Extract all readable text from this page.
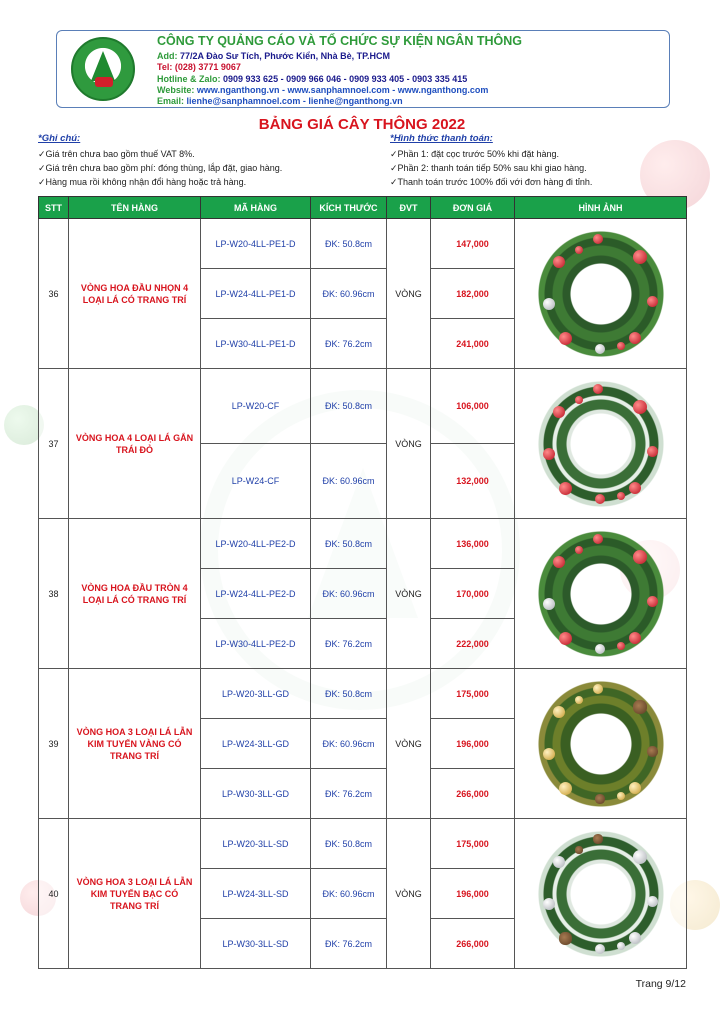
CÔNG TY QUẢNG CÁO VÀ TỔ CHỨC SỰ KIỆN NGÂN THÔNG
Add: 77/2A Đào Sư Tích, Phước Kiển, Nhà Bè, TP.HCM
Tel: (028) 3771 9067
Hotline & Zalo: 0909 933 625 - 0909 966 046 - 0909 933 405 - 0903 335 415
Website: www.nganthong.vn - www.sanphamnoel.com - www.nganthong.com
Email: lienhe@sanphamnoel.com - lienhe@nganthong.vn
BẢNG GIÁ CÂY THÔNG 2022
*Ghi chú:
✓Giá trên chưa bao gồm thuế VAT 8%.
✓Giá trên chưa bao gồm phí: đóng thùng, lắp đặt, giao hàng.
✓Hàng mua rồi không nhận đổi hàng hoặc trả hàng.
*Hình thức thanh toán:
✓Phần 1: đặt cọc trước 50% khi đặt hàng.
✓Phần 2: thanh toán tiếp 50% sau khi giao hàng.
✓Thanh toán trước 100% đối với đơn hàng đi tỉnh.
STT	TÊN HÀNG	MÃ HÀNG	KÍCH THƯỚC	ĐVT	ĐƠN GIÁ	HÌNH ẢNH
36	VÒNG HOA ĐẦU NHỌN 4 LOẠI LÁ CÓ TRANG TRÍ	LP-W20-4LL-PE1-D	ĐK: 50.8cm	VÒNG	147,000	

		LP-W24-4LL-PE1-D	ĐK: 60.96cm		182,000	
		LP-W30-4LL-PE1-D	ĐK: 76.2cm		241,000	
37	VÒNG HOA 4 LOẠI LÁ GẮN TRÁI ĐỎ	LP-W20-CF	ĐK: 50.8cm	VÒNG	106,000	

		LP-W24-CF	ĐK: 60.96cm		132,000	
38	VÒNG HOA ĐẦU TRÒN 4 LOẠI LÁ CÓ TRANG TRÍ	LP-W20-4LL-PE2-D	ĐK: 50.8cm	VÒNG	136,000	

		LP-W24-4LL-PE2-D	ĐK: 60.96cm		170,000	
		LP-W30-4LL-PE2-D	ĐK: 76.2cm		222,000	
39	VÒNG HOA 3 LOẠI LÁ LẪN KIM TUYẾN VÀNG CÓ TRANG TRÍ	LP-W20-3LL-GD	ĐK: 50.8cm	VÒNG	175,000	

		LP-W24-3LL-GD	ĐK: 60.96cm		196,000	
		LP-W30-3LL-GD	ĐK: 76.2cm		266,000	
40	VÒNG HOA 3 LOẠI LÁ LẪN KIM TUYẾN BẠC CÓ TRANG TRÍ	LP-W20-3LL-SD	ĐK: 50.8cm	VÒNG	175,000	

		LP-W24-3LL-SD	ĐK: 60.96cm		196,000	
		LP-W30-3LL-SD	ĐK: 76.2cm		266,000	
Trang 9/12
